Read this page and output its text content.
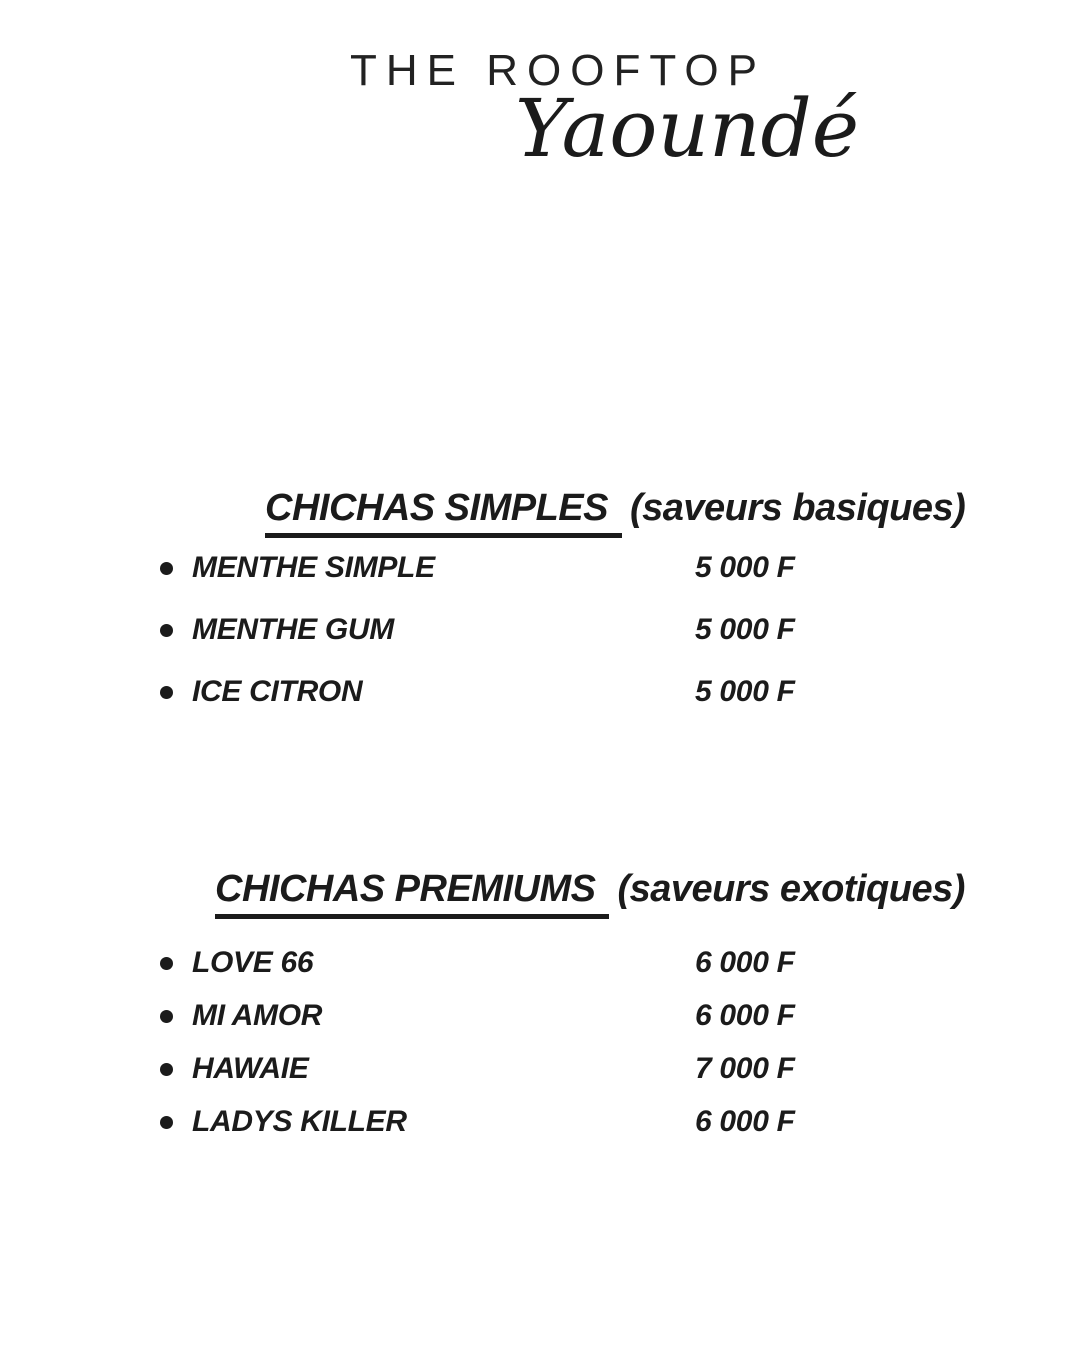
THE ROOFTOP
Yaoundé
CHICHAS SIMPLES (saveurs basiques)
MENTHE SIMPLE	5 000 F
MENTHE GUM	5 000 F
ICE CITRON	5 000 F
CHICHAS PREMIUMS (saveurs exotiques)
LOVE 66	6 000 F
MI AMOR	6 000 F
HAWAIE	7 000 F
LADYS KILLER	6 000 F
